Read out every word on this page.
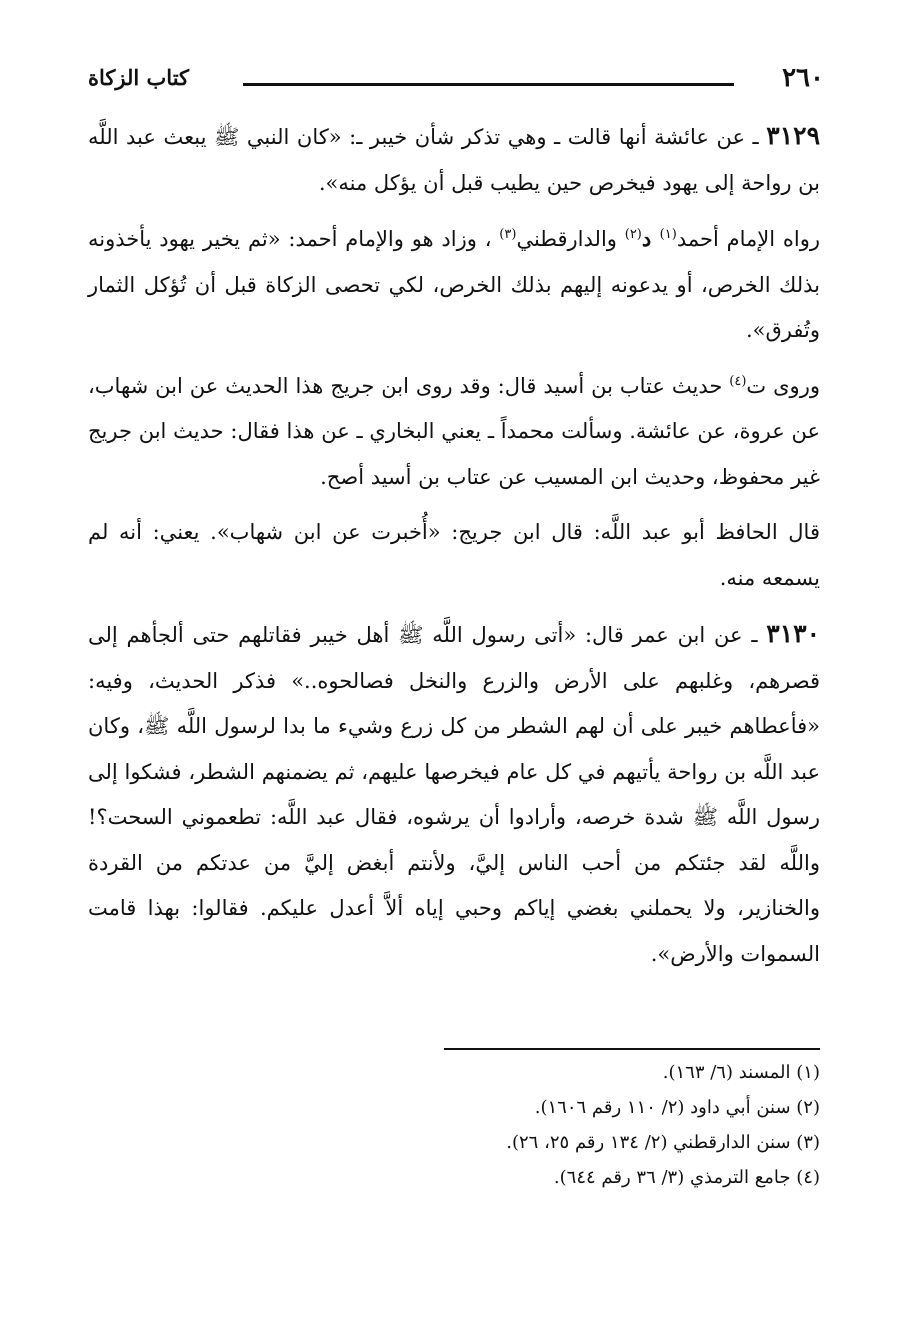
٢٦٠
كتاب الزكاة

٣١٢٩ ـ عن عائشة أنها قالت ـ وهي تذكر شأن خيبر ـ: «كان النبي ﷺ يبعث عبد اللَّه بن رواحة إلى يهود فيخرص حين يطيب قبل أن يؤكل منه».

رواه الإمام أحمد$^{(١)}$ د$^{(٢)}$ والدارقطني$^{(٣)}$ ، وزاد هو والإمام أحمد: «ثم يخير يهود يأخذونه بذلك الخرص، أو يدعونه إليهم بذلك الخرص، لكي تحصى الزكاة قبل أن تُؤكل الثمار وتُفرق».

وروى ت$^{(٤)}$ حديث عتاب بن أسيد قال: وقد روى ابن جريج هذا الحديث عن ابن شهاب، عن عروة، عن عائشة. وسألت محمداً ـ يعني البخاري ـ عن هذا فقال: حديث ابن جريج غير محفوظ، وحديث ابن المسيب عن عتاب بن أسيد أصح.

قال الحافظ أبو عبد اللَّه: قال ابن جريج: «أُخبرت عن ابن شهاب». يعني: أنه لم يسمعه منه.

٣١٣٠ ـ عن ابن عمر قال: «أتى رسول اللَّه ﷺ أهل خيبر فقاتلهم حتى ألجأهم إلى قصرهم، وغلبهم على الأرض والزرع والنخل فصالحوه..» فذكر الحديث، وفيه: «فأعطاهم خيبر على أن لهم الشطر من كل زرع وشيء ما بدا لرسول اللَّه ﷺ، وكان عبد اللَّه بن رواحة يأتيهم في كل عام فيخرصها عليهم، ثم يضمنهم الشطر، فشكوا إلى رسول اللَّه ﷺ شدة خرصه، وأرادوا أن يرشوه، فقال عبد اللَّه: تطعموني السحت؟! واللَّه لقد جئتكم من أحب الناس إليَّ، ولأنتم أبغض إليَّ من عدتكم من القردة والخنازير، ولا يحملني بغضي إياكم وحبي إياه ألاَّ أعدل عليكم. فقالوا: بهذا قامت السموات والأرض».

(١) المسند (٦/ ١٦٣).
(٢) سنن أبي داود (٢/ ١١٠ رقم ١٦٠٦).
(٣) سنن الدارقطني (٢/ ١٣٤ رقم ٢٥، ٢٦).
(٤) جامع الترمذي (٣/ ٣٦ رقم ٦٤٤).
